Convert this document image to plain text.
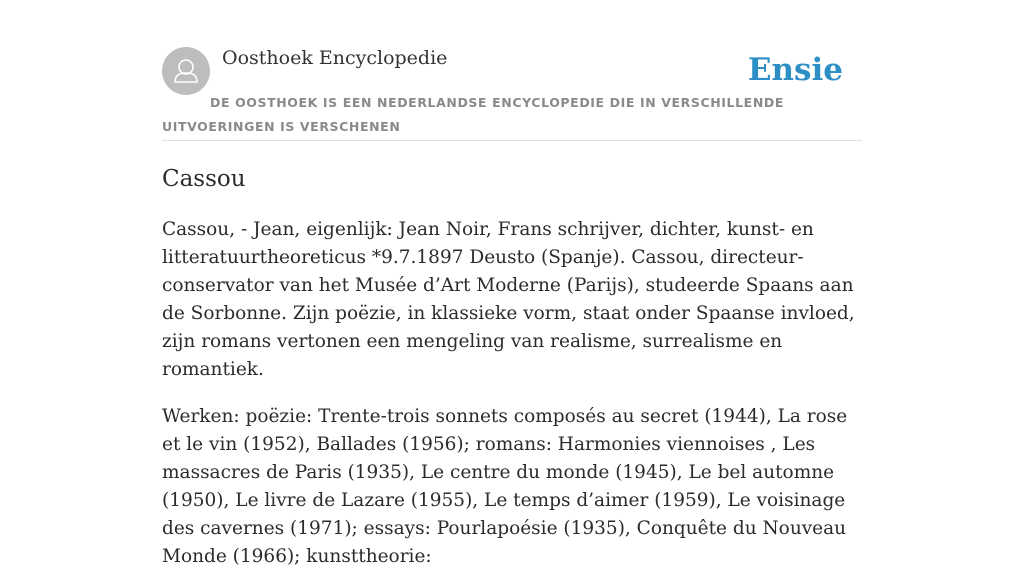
Oosthoek Encyclopedie	Ensie
DE OOSTHOEK IS EEN NEDERLANDSE ENCYCLOPEDIE DIE IN VERSCHILLENDE UITVOERINGEN IS VERSCHENEN
Cassou

Cassou, - Jean, eigenlijk: Jean Noir, Frans schrijver, dichter, kunst- en litteratuurtheoreticus *9.7.1897 Deusto (Spanje). Cassou, directeur-conservator van het Musée d’Art Moderne (Parijs), studeerde Spaans aan de Sorbonne. Zijn poëzie, in klassieke vorm, staat onder Spaanse invloed, zijn romans vertonen een mengeling van realisme, surrealisme en romantiek.

Werken: poëzie: Trente-trois sonnets composés au secret (1944), La rose et le vin (1952), Ballades (1956); romans: Harmonies viennoises , Les massacres de Paris (1935), Le centre du monde (1945), Le bel automne (1950), Le livre de Lazare (1955), Le temps d’aimer (1959), Le voisinage des cavernes (1971); essays: Pourlapoésie (1935), Conquête du Nouveau Monde (1966); kunsttheorie:
